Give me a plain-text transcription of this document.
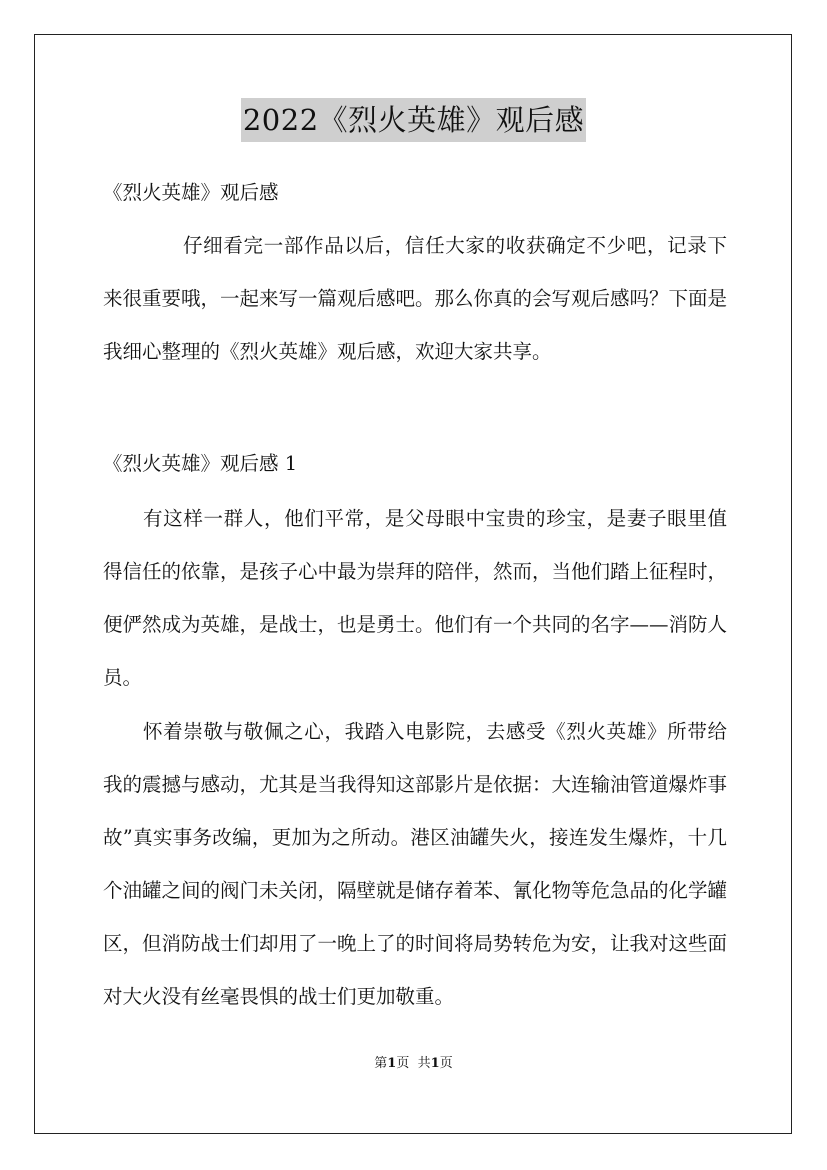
2022《烈火英雄》观后感

《烈火英雄》观后感

仔细看完一部作品以后，信任大家的收获确定不少吧，记录下来很重要哦，一起来写一篇观后感吧。那么你真的会写观后感吗？下面是我细心整理的《烈火英雄》观后感，欢迎大家共享。

《烈火英雄》观后感 1

有这样一群人，他们平常，是父母眼中宝贵的珍宝，是妻子眼里值得信任的依靠，是孩子心中最为崇拜的陪伴，然而，当他们踏上征程时，便俨然成为英雄，是战士，也是勇士。他们有一个共同的名字——消防人员。

怀着崇敬与敬佩之心，我踏入电影院，去感受《烈火英雄》所带给我的震撼与感动，尤其是当我得知这部影片是依据：大连输油管道爆炸事故”真实事务改编，更加为之所动。港区油罐失火，接连发生爆炸，十几个油罐之间的阀门未关闭，隔壁就是储存着苯、氰化物等危急品的化学罐区，但消防战士们却用了一晚上了的时间将局势转危为安，让我对这些面对大火没有丝毫畏惧的战士们更加敬重。

第1页 共1页
